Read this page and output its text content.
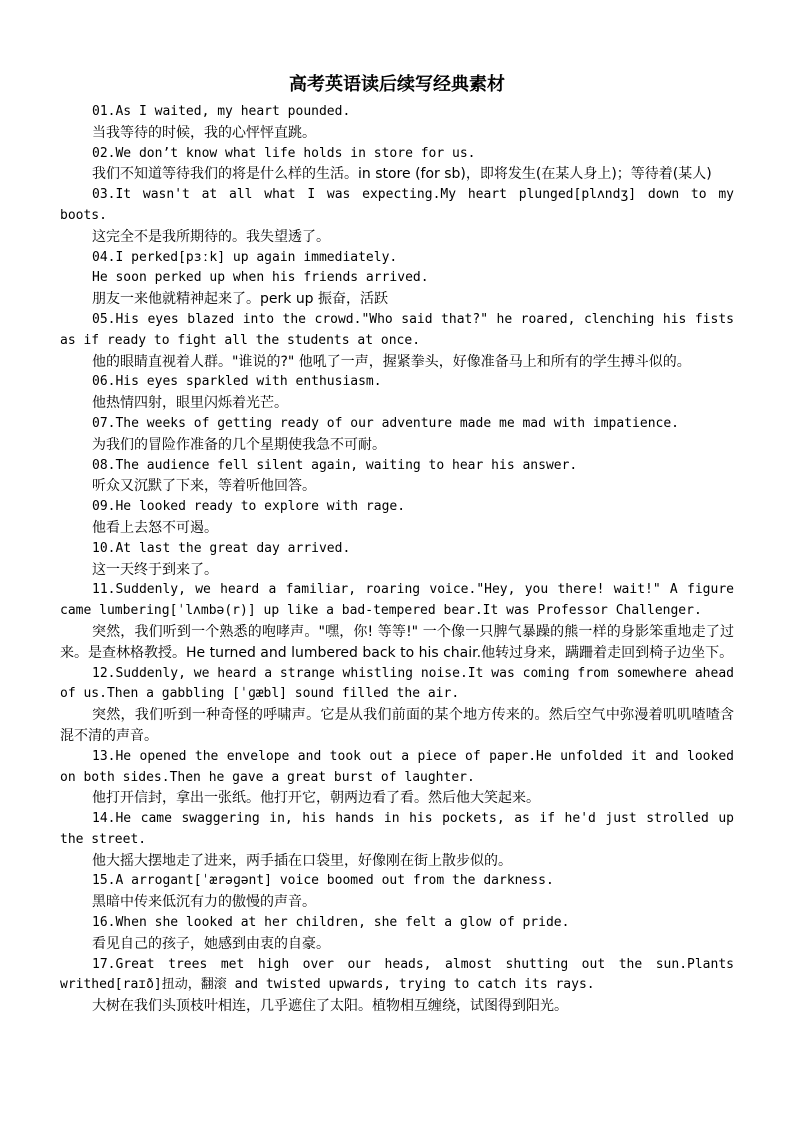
高考英语读后续写经典素材

01.As I waited, my heart pounded.

当我等待的时候，我的心怦怦直跳。

02.We don’t know what life holds in store for us.

我们不知道等待我们的将是什么样的生活。in store (for sb)，即将发生(在某人身上)；等待着(某人)

03.It wasn't at all what I was expecting.My heart plunged[plʌndʒ] down to my boots.

这完全不是我所期待的。我失望透了。

04.I perked[pɜːk] up again immediately.

He soon perked up when his friends arrived.

朋友一来他就精神起来了。perk up 振奋，活跃

05.His eyes blazed into the crowd."Who said that?" he roared, clenching his fists as if ready to fight all the students at once.

他的眼睛直视着人群。"谁说的?" 他吼了一声，握紧拳头，好像准备马上和所有的学生搏斗似的。

06.His eyes sparkled with enthusiasm.

他热情四射，眼里闪烁着光芒。

07.The weeks of getting ready of our adventure made me mad with impatience.

为我们的冒险作准备的几个星期使我急不可耐。

08.The audience fell silent again, waiting to hear his answer.

听众又沉默了下来，等着听他回答。

09.He looked ready to explore with rage.

他看上去怒不可遏。

10.At last the great day arrived.

这一天终于到来了。

11.Suddenly, we heard a familiar, roaring voice."Hey, you there! wait!" A figure came lumbering[ˈlʌmbə(r)] up like a bad-tempered bear.It was Professor Challenger.

突然，我们听到一个熟悉的咆哮声。"嘿，你! 等等!" 一个像一只脾气暴躁的熊一样的身影笨重地走了过来。是查林格教授。He turned and lumbered back to his chair.他转过身来，蹒跚着走回到椅子边坐下。

12.Suddenly, we heard a strange whistling noise.It was coming from somewhere ahead of us.Then a gabbling [ˈɡæbl] sound filled the air.

突然，我们听到一种奇怪的呼啸声。它是从我们前面的某个地方传来的。然后空气中弥漫着叽叽喳喳含混不清的声音。

13.He opened the envelope and took out a piece of paper.He unfolded it and looked on both sides.Then he gave a great burst of laughter.

他打开信封，拿出一张纸。他打开它，朝两边看了看。然后他大笑起来。

14.He came swaggering in, his hands in his pockets, as if he'd just strolled up the street.

他大摇大摆地走了进来，两手插在口袋里，好像刚在街上散步似的。

15.A arrogant[ˈærəɡənt] voice boomed out from the darkness.

黑暗中传来低沉有力的傲慢的声音。

16.When she looked at her children, she felt a glow of pride.

看见自己的孩子，她感到由衷的自豪。

17.Great trees met high over our heads, almost shutting out the sun.Plants writhed[raɪð]扭动，翻滚 and twisted upwards, trying to catch its rays.

大树在我们头顶枝叶相连，几乎遮住了太阳。植物相互缠绕，试图得到阳光。
